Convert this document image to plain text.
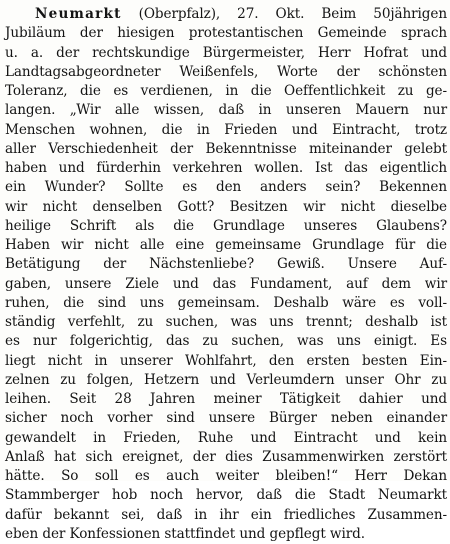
Neumarkt (Oberpfalz), 27. Okt. Beim 50jährigen
Jubiläum der hiesigen protestantischen Gemeinde sprach
u. a. der rechtskundige Bürgermeister, Herr Hofrat und
Landtagsabgeordneter Weißenfels, Worte der schönsten
Toleranz, die es verdienen, in die Oeffentlichkeit zu ge-
langen. „Wir alle wissen, daß in unseren Mauern nur
Menschen wohnen, die in Frieden und Eintracht, trotz
aller Verschiedenheit der Bekenntnisse miteinander gelebt
haben und fürderhin verkehren wollen. Ist das eigentlich
ein Wunder? Sollte es den anders sein? Bekennen
wir nicht denselben Gott? Besitzen wir nicht dieselbe
heilige Schrift als die Grundlage unseres Glaubens?
Haben wir nicht alle eine gemeinsame Grundlage für die
Betätigung der Nächstenliebe? Gewiß. Unsere Auf-
gaben, unsere Ziele und das Fundament, auf dem wir
ruhen, die sind uns gemeinsam. Deshalb wäre es voll-
ständig verfehlt, zu suchen, was uns trennt; deshalb ist
es nur folgerichtig, das zu suchen, was uns einigt. Es
liegt nicht in unserer Wohlfahrt, den ersten besten Ein-
zelnen zu folgen, Hetzern und Verleumdern unser Ohr zu
leihen. Seit 28 Jahren meiner Tätigkeit dahier und
sicher noch vorher sind unsere Bürger neben einander
gewandelt in Frieden, Ruhe und Eintracht und kein
Anlaß hat sich ereignet, der dies Zusammenwirken zerstört
hätte. So soll es auch weiter bleiben!“ Herr Dekan
Stammberger hob noch hervor, daß die Stadt Neumarkt
dafür bekannt sei, daß in ihr ein friedliches Zusammen-
eben der Konfessionen stattfindet und gepflegt wird.
